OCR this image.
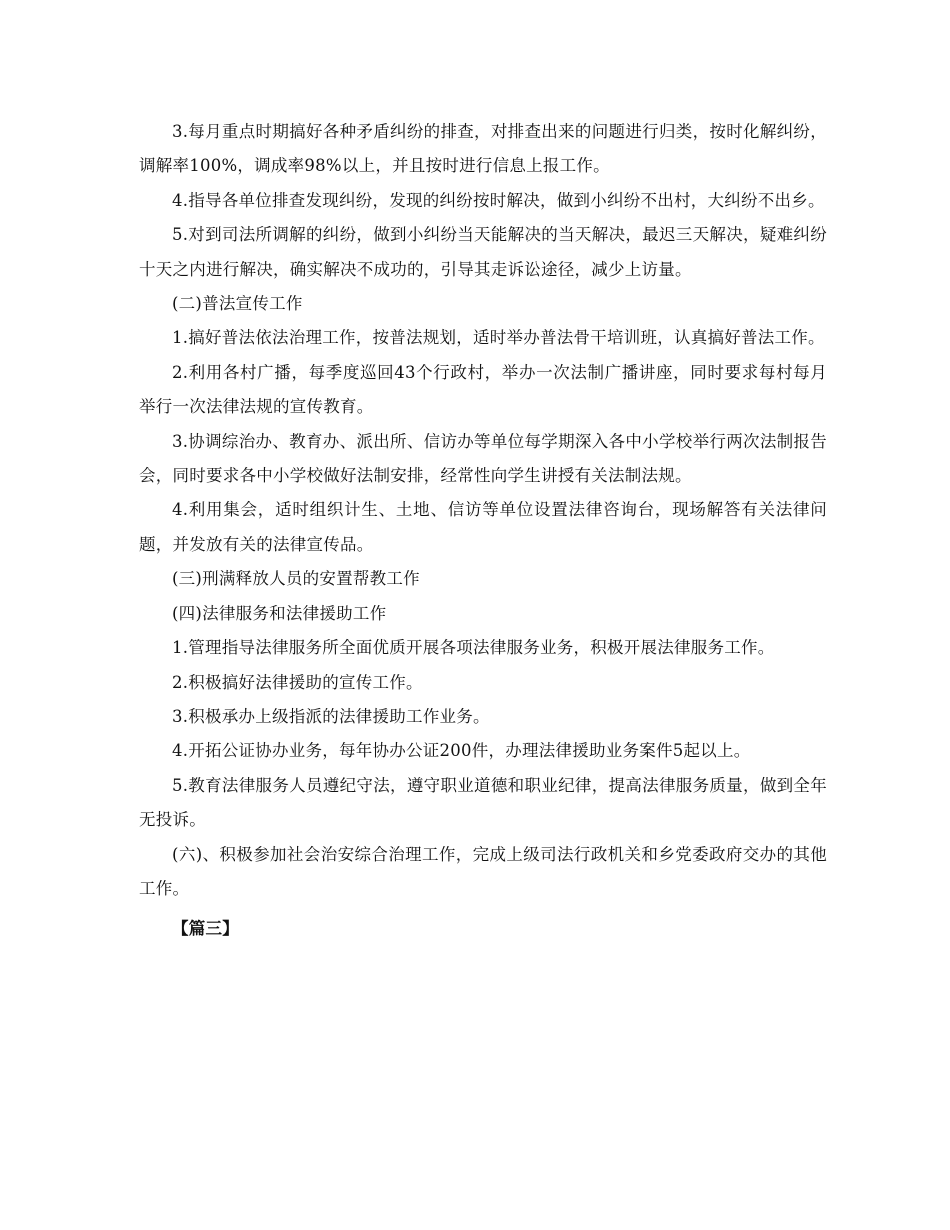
3.每月重点时期搞好各种矛盾纠纷的排查，对排查出来的问题进行归类，按时化解纠纷，调解率100%，调成率98%以上，并且按时进行信息上报工作。

4.指导各单位排查发现纠纷，发现的纠纷按时解决，做到小纠纷不出村，大纠纷不出乡。

5.对到司法所调解的纠纷，做到小纠纷当天能解决的当天解决，最迟三天解决，疑难纠纷十天之内进行解决，确实解决不成功的，引导其走诉讼途径，减少上访量。

(二)普法宣传工作

1.搞好普法依法治理工作，按普法规划，适时举办普法骨干培训班，认真搞好普法工作。

2.利用各村广播，每季度巡回43个行政村，举办一次法制广播讲座，同时要求每村每月举行一次法律法规的宣传教育。

3.协调综治办、教育办、派出所、信访办等单位每学期深入各中小学校举行两次法制报告会，同时要求各中小学校做好法制安排，经常性向学生讲授有关法制法规。

4.利用集会，适时组织计生、土地、信访等单位设置法律咨询台，现场解答有关法律问题，并发放有关的法律宣传品。

(三)刑满释放人员的安置帮教工作

(四)法律服务和法律援助工作

1.管理指导法律服务所全面优质开展各项法律服务业务，积极开展法律服务工作。

2.积极搞好法律援助的宣传工作。

3.积极承办上级指派的法律援助工作业务。

4.开拓公证协办业务，每年协办公证200件，办理法律援助业务案件5起以上。

5.教育法律服务人员遵纪守法，遵守职业道德和职业纪律，提高法律服务质量，做到全年无投诉。

(六)、积极参加社会治安综合治理工作，完成上级司法行政机关和乡党委政府交办的其他工作。

【篇三】
